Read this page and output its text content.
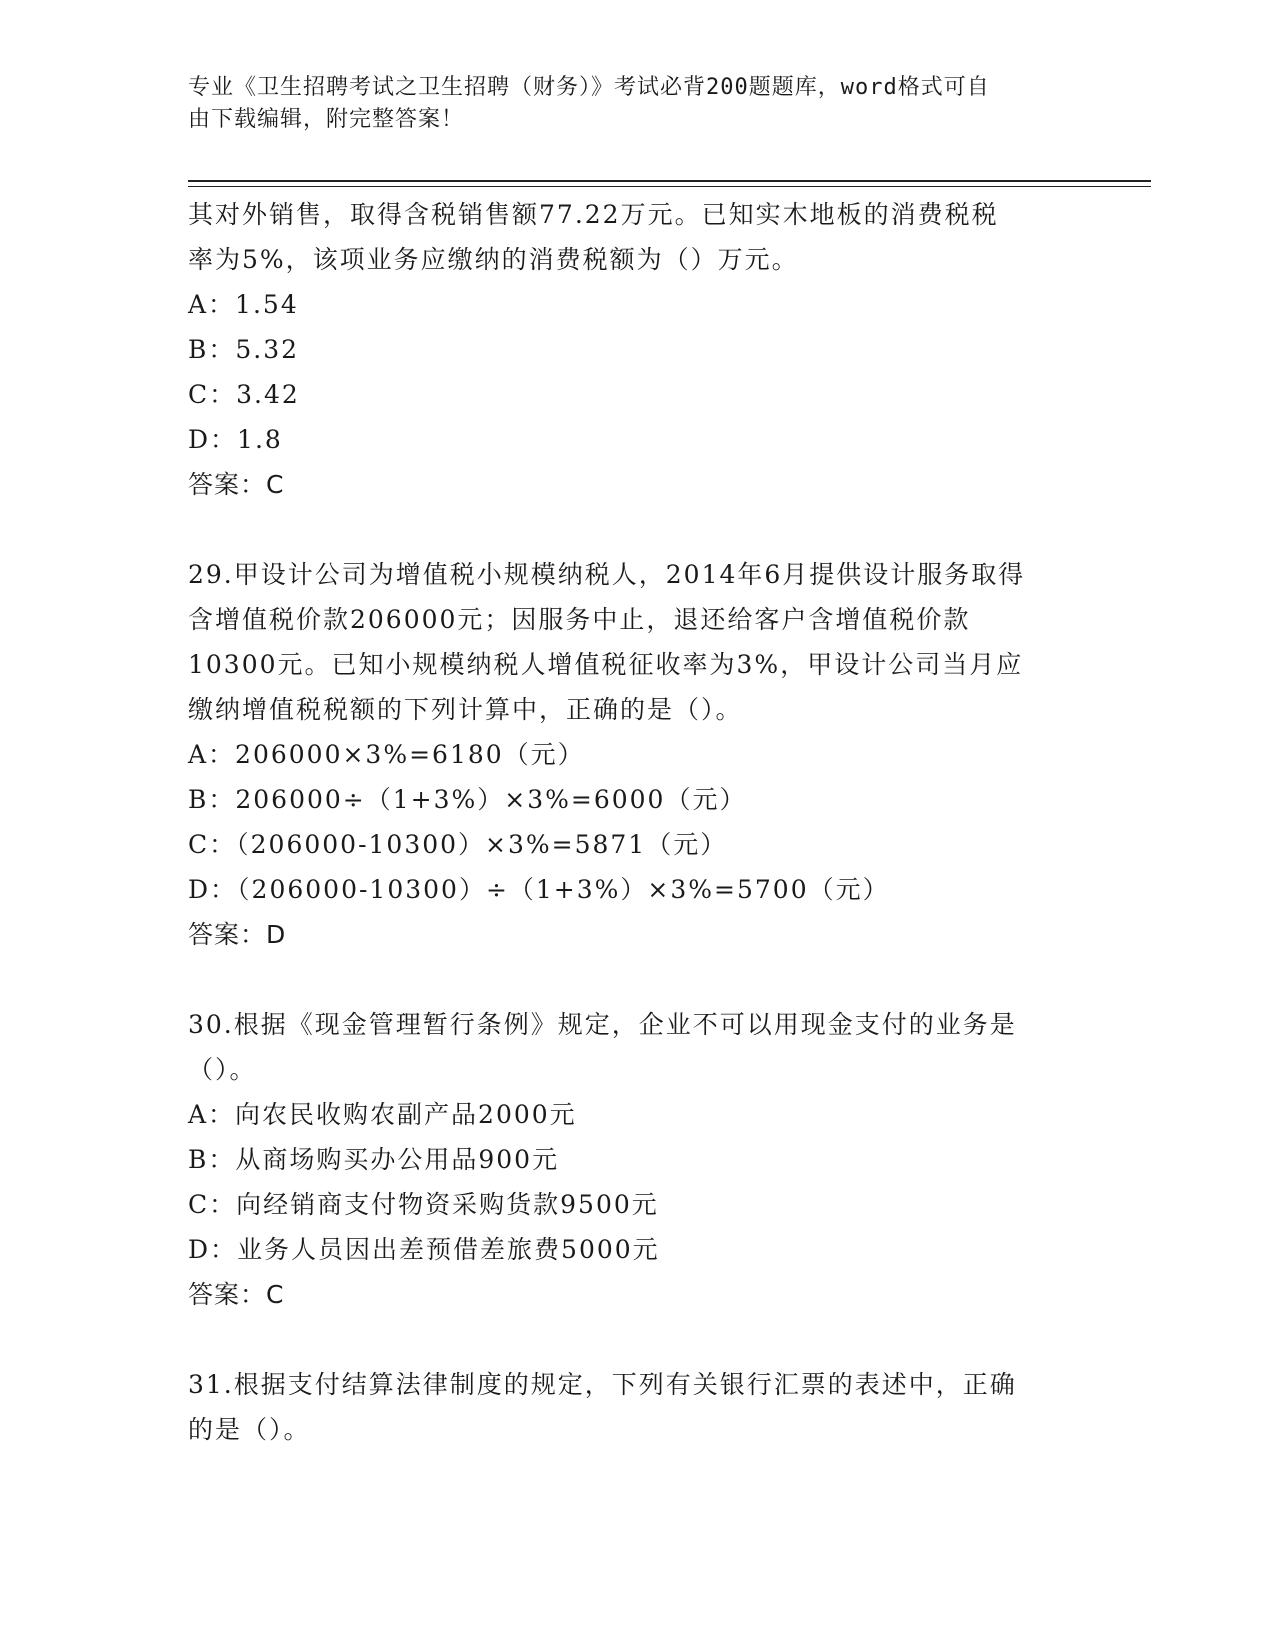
专业《卫生招聘考试之卫生招聘（财务）》考试必背200题题库，word格式可自
由下载编辑，附完整答案！
其对外销售，取得含税销售额77.22万元。已知实木地板的消费税税
率为5%，该项业务应缴纳的消费税额为（）万元。
A：1.54
B：5.32
C：3.42
D：1.8
答案：C
29.甲设计公司为增值税小规模纳税人，2014年6月提供设计服务取得
含增值税价款206000元；因服务中止，退还给客户含增值税价款
10300元。已知小规模纳税人增值税征收率为3%，甲设计公司当月应
缴纳增值税税额的下列计算中，正确的是（）。
A：206000×3%=6180（元）
B：206000÷（1+3%）×3%=6000（元）
C：（206000-10300）×3%=5871（元）
D：（206000-10300）÷（1+3%）×3%=5700（元）
答案：D
30.根据《现金管理暂行条例》规定，企业不可以用现金支付的业务是
（）。
A：向农民收购农副产品2000元
B：从商场购买办公用品900元
C：向经销商支付物资采购货款9500元
D：业务人员因出差预借差旅费5000元
答案：C
31.根据支付结算法律制度的规定，下列有关银行汇票的表述中，正确
的是（）。
